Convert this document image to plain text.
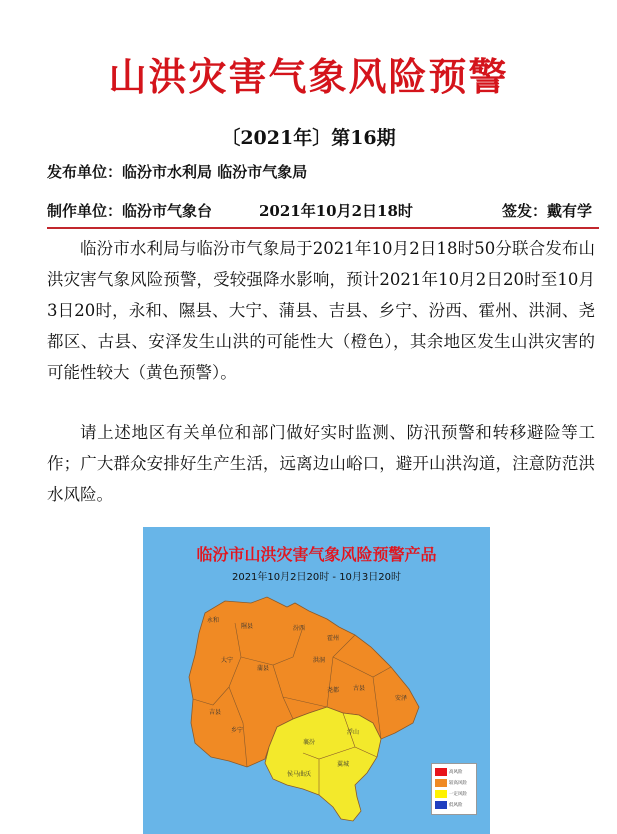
山洪灾害气象风险预警
〔2021年〕第16期
发布单位：临汾市水利局 临汾市气象局
制作单位：临汾市气象台	2021年10月2日18时	签发：戴有学

临汾市水利局与临汾市气象局于2021年10月2日18时50分联合发布山洪灾害气象风险预警，受较强降水影响，预计2021年10月2日20时至10月3日20时，永和、隰县、大宁、蒲县、吉县、乡宁、汾西、霍州、洪洞、尧都区、古县、安泽发生山洪的可能性大（橙色），其余地区发生山洪灾害的可能性较大（黄色预警）。

请上述地区有关单位和部门做好实时监测、防汛预警和转移避险等工作；广大群众安排好生产生活，远离边山峪口，避开山洪沟道，注意防范洪水风险。

临汾市山洪灾害气象风险预警产品
2021年10月2日20时 - 10月3日20时
永和
隰县	汾西
霍州
大宁
蒲县
洪洞
古县
安泽
尧都
吉县
乡宁
襄汾
浮山
翼城
侯马 曲沃	高风险
较高风险
一定风险
低风险
